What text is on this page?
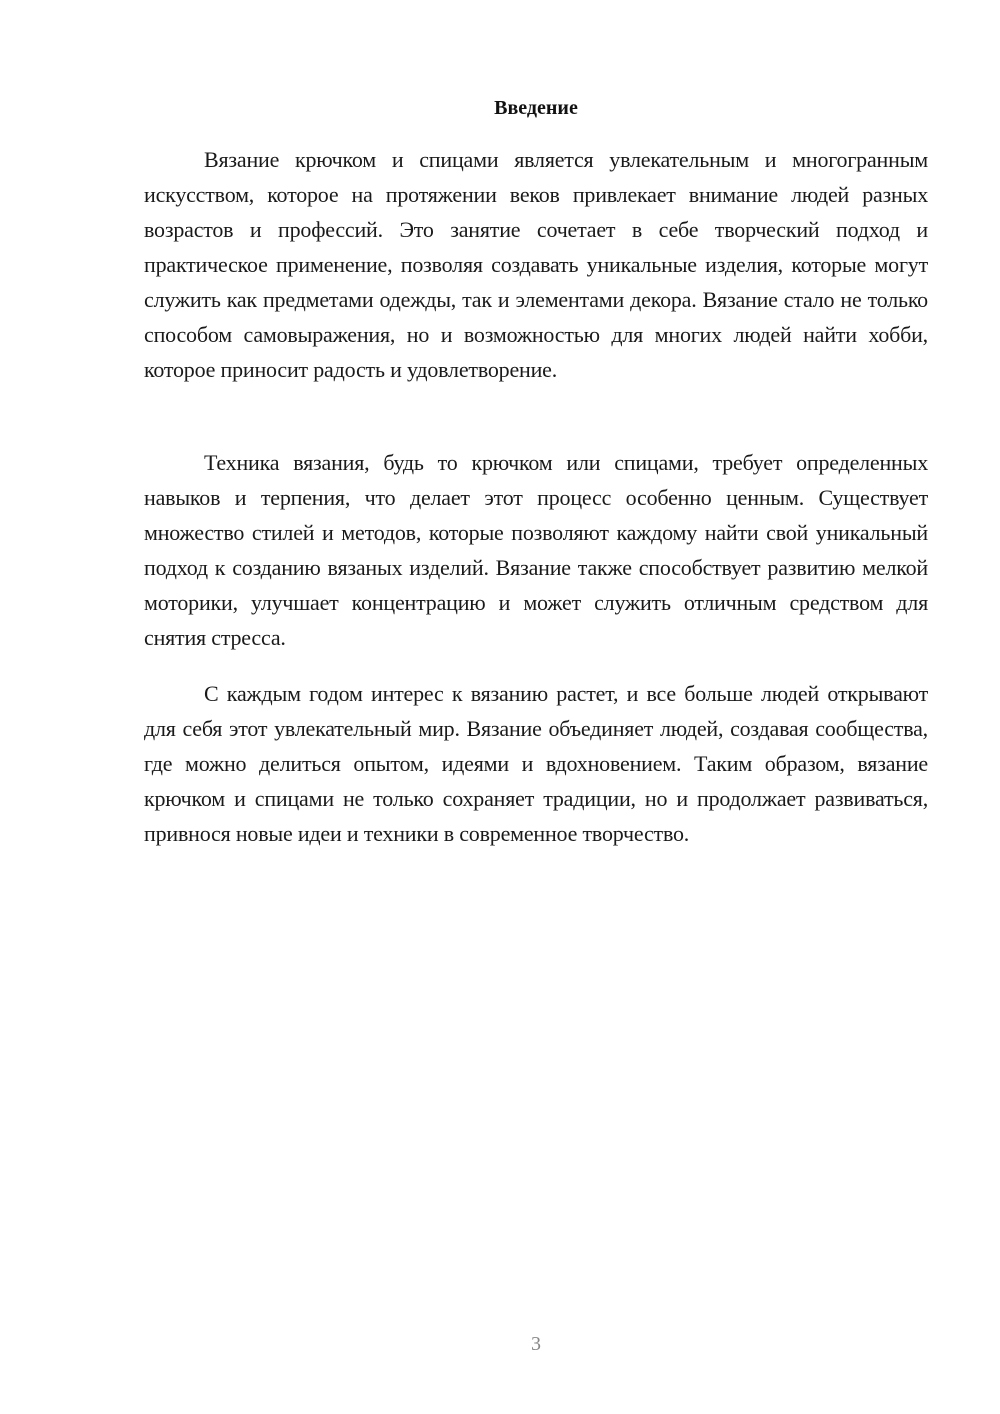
Введение

Вязание крючком и спицами является увлекательным и многогранным искусством, которое на протяжении веков привлекает внимание людей разных возрастов и профессий. Это занятие сочетает в себе творческий подход и практическое применение, позволяя создавать уникальные изделия, которые могут служить как предметами одежды, так и элементами декора. Вязание стало не только способом самовыражения, но и возможностью для многих людей найти хобби, которое приносит радость и удовлетворение.

Техника вязания, будь то крючком или спицами, требует определенных навыков и терпения, что делает этот процесс особенно ценным. Существует множество стилей и методов, которые позволяют каждому найти свой уникальный подход к созданию вязаных изделий. Вязание также способствует развитию мелкой моторики, улучшает концентрацию и может служить отличным средством для снятия стресса.

С каждым годом интерес к вязанию растет, и все больше людей открывают для себя этот увлекательный мир. Вязание объединяет людей, создавая сообщества, где можно делиться опытом, идеями и вдохновением. Таким образом, вязание крючком и спицами не только сохраняет традиции, но и продолжает развиваться, привнося новые идеи и техники в современное творчество.

3
